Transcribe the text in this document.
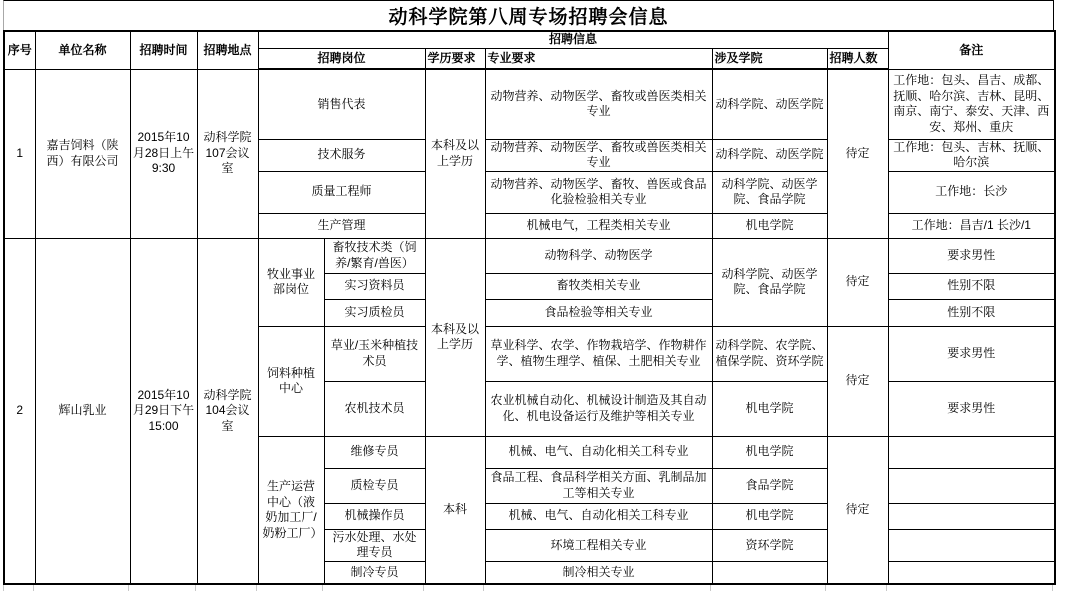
动科学院第八周专场招聘会信息
序号	单位名称	招聘时间	招聘地点	招聘信息						备注
				招聘岗位		学历要求	专业要求	涉及学院	招聘人数	
1	嘉吉饲料（陕西）有限公司	2015年10月28日上午9:30	动科学院107会议室	销售代表		本科及以上学历	动物营养、动物医学、畜牧或兽医类相关专业	动科学院、动医学院	待定	工作地：包头、昌吉、成都、抚顺、哈尔滨、吉林、昆明、南京、南宁、泰安、天津、西安、郑州、重庆
				技术服务			动物营养、动物医学、畜牧或兽医类相关专业	动科学院、动医学院		工作地：包头、吉林、抚顺、哈尔滨
				质量工程师			动物营养、动物医学、畜牧、兽医或食品化验检验相关专业	动科学院、动医学院、食品学院		工作地：长沙
				生产管理			机械电气，工程类相关专业	机电学院		工作地：昌吉/1 长沙/1
2	辉山乳业	2015年10月29日下午15:00	动科学院104会议室	牧业事业部岗位	畜牧技术类（饲养/繁育/兽医）	本科及以上学历	动物科学、动物医学	动科学院、动医学院、食品学院	待定	要求男性
					实习资料员		畜牧类相关专业			性别不限
					实习质检员		食品检验等相关专业			性别不限
				饲料种植中心	草业/玉米种植技术员		草业科学、农学、作物栽培学、作物耕作学、植物生理学、植保、土肥相关专业	动科学院、农学院、植保学院、资环学院	待定	要求男性
					农机技术员		农业机械自动化、机械设计制造及其自动化、机电设备运行及维护等相关专业	机电学院		要求男性
				生产运营中心（液奶加工厂/奶粉工厂）	维修专员	本科	机械、电气、自动化相关工科专业	机电学院	待定	
					质检专员		食品工程、食品科学相关方面、乳制品加工等相关专业	食品学院		
					机械操作员		机械、电气、自动化相关工科专业	机电学院		
					污水处理、水处理专员		环境工程相关专业	资环学院		
					制冷专员		制冷相关专业			
